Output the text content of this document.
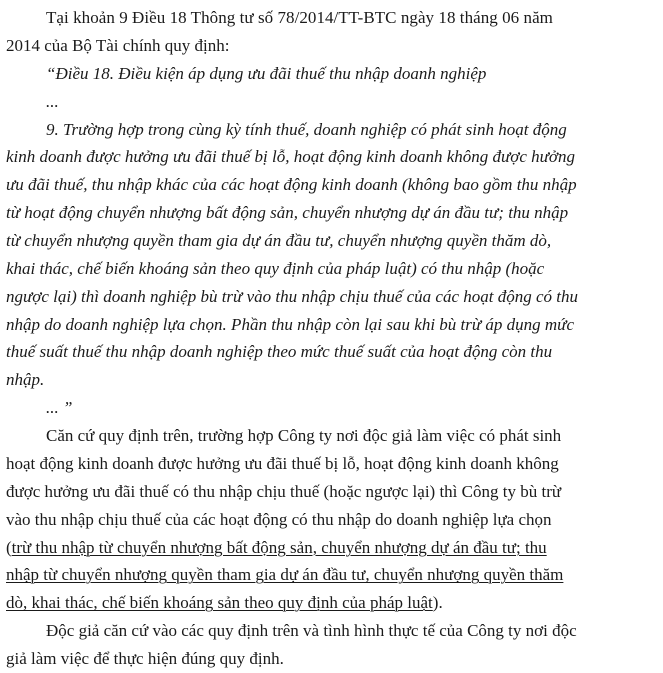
Tại khoản 9 Điều 18 Thông tư số 78/2014/TT-BTC ngày 18 tháng 06 năm
2014 của Bộ Tài chính quy định:
“Điều 18. Điều kiện áp dụng ưu đãi thuế thu nhập doanh nghiệp
...
9. Trường hợp trong cùng kỳ tính thuế, doanh nghiệp có phát sinh hoạt động
kinh doanh được hưởng ưu đãi thuế bị lỗ, hoạt động kinh doanh không được hưởng
ưu đãi thuế, thu nhập khác của các hoạt động kinh doanh (không bao gồm thu nhập
từ hoạt động chuyển nhượng bất động sản, chuyển nhượng dự án đầu tư; thu nhập
từ chuyển nhượng quyền tham gia dự án đầu tư, chuyển nhượng quyền thăm dò,
khai thác, chế biến khoáng sản theo quy định của pháp luật) có thu nhập (hoặc
ngược lại) thì doanh nghiệp bù trừ vào thu nhập chịu thuế của các hoạt động có thu
nhập do doanh nghiệp lựa chọn. Phần thu nhập còn lại sau khi bù trừ áp dụng mức
thuế suất thuế thu nhập doanh nghiệp theo mức thuế suất của hoạt động còn thu
nhập.
... ”
Căn cứ quy định trên, trường hợp Công ty nơi độc giả làm việc có phát sinh
hoạt động kinh doanh được hưởng ưu đãi thuế bị lỗ, hoạt động kinh doanh không
được hưởng ưu đãi thuế có thu nhập chịu thuế (hoặc ngược lại) thì Công ty bù trừ
vào thu nhập chịu thuế của các hoạt động có thu nhập do doanh nghiệp lựa chọn
(trừ thu nhập từ chuyển nhượng bất động sản, chuyển nhượng dự án đầu tư; thu
nhập từ chuyển nhượng quyền tham gia dự án đầu tư, chuyển nhượng quyền thăm
dò, khai thác, chế biến khoáng sản theo quy định của pháp luật).
Độc giả căn cứ vào các quy định trên và tình hình thực tế của Công ty nơi độc
giả làm việc để thực hiện đúng quy định.
